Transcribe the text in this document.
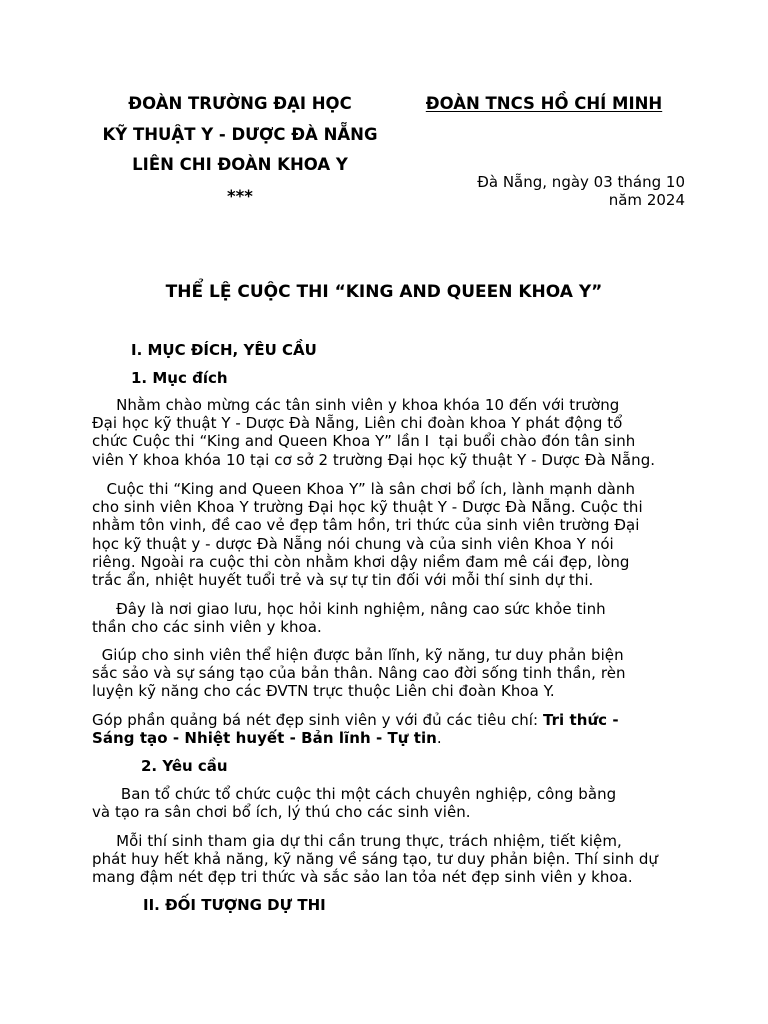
ĐOÀN TRƯỜNG ĐẠI HỌC
KỸ THUẬT Y - DƯỢC ĐÀ NẴNG
LIÊN CHI ĐOÀN KHOA Y
***
ĐOÀN TNCS HỒ CHÍ MINH
Đà Nẵng, ngày 03 tháng 10
năm 2024
THỂ LỆ CUỘC THI “KING AND QUEEN KHOA Y”
I. MỤC ĐÍCH, YÊU CẦU
1. Mục đích
Nhằm chào mừng các tân sinh viên y khoa khóa 10 đến với trường
Đại học kỹ thuật Y - Dược Đà Nẵng, Liên chi đoàn khoa Y phát động tổ
chức Cuộc thi “King and Queen Khoa Y” lần I  tại buổi chào đón tân sinh
viên Y khoa khóa 10 tại cơ sở 2 trường Đại học kỹ thuật Y - Dược Đà Nẵng.
Cuộc thi “King and Queen Khoa Y” là sân chơi bổ ích, lành mạnh dành
cho sinh viên Khoa Y trường Đại học kỹ thuật Y - Dược Đà Nẵng. Cuộc thi
nhằm tôn vinh, đề cao vẻ đẹp tâm hồn, tri thức của sinh viên trường Đại
học kỹ thuật y - dược Đà Nẵng nói chung và của sinh viên Khoa Y nói
riêng. Ngoài ra cuộc thi còn nhằm khơi dậy niềm đam mê cái đẹp, lòng
trắc ẩn, nhiệt huyết tuổi trẻ và sự tự tin đối với mỗi thí sinh dự thi.
Đây là nơi giao lưu, học hỏi kinh nghiệm, nâng cao sức khỏe tinh
thần cho các sinh viên y khoa.
Giúp cho sinh viên thể hiện được bản lĩnh, kỹ năng, tư duy phản biện
sắc sảo và sự sáng tạo của bản thân. Nâng cao đời sống tinh thần, rèn
luyện kỹ năng cho các ĐVTN trực thuộc Liên chi đoàn Khoa Y.
Góp phần quảng bá nét đẹp sinh viên y với đủ các tiêu chí: Tri thức -
Sáng tạo - Nhiệt huyết - Bản lĩnh - Tự tin.
2. Yêu cầu
Ban tổ chức tổ chức cuộc thi một cách chuyên nghiệp, công bằng
và tạo ra sân chơi bổ ích, lý thú cho các sinh viên.
Mỗi thí sinh tham gia dự thi cần trung thực, trách nhiệm, tiết kiệm,
phát huy hết khả năng, kỹ năng về sáng tạo, tư duy phản biện. Thí sinh dự
mang đậm nét đẹp tri thức và sắc sảo lan tỏa nét đẹp sinh viên y khoa.
II. ĐỐI TƯỢNG DỰ THI
